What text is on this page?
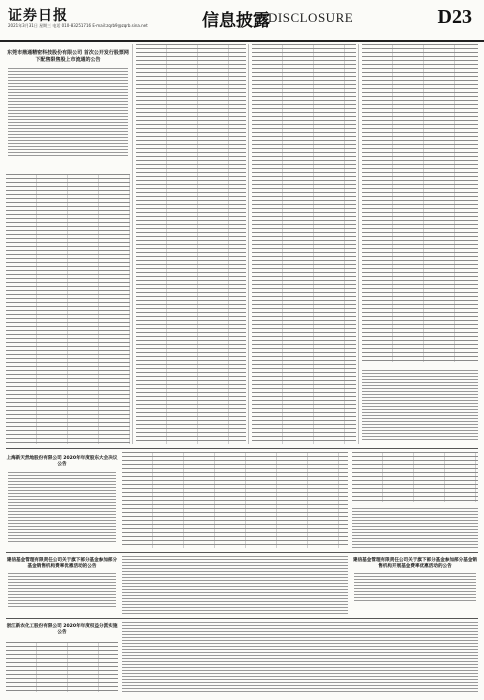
证券日报
2021年3月31日 星期三 电话 010-83251716 E-mail:zqrb9@zqrb.sina.net	信息披露
DISCLOSURE	D23
东莞市鼎通精密科技股份有限公司 首次公开发行股票网下配售限售股上市流通的公告
上海新天然地股份有限公司 2020年年度股东大会决议公告
建信基金管理有限责任公司关于旗下部分基金参加部分基金销售机构费率优惠活动的公告
建信基金管理有限责任公司关于旗下部分基金参加部分基金销售机构开展基金费率优惠活动的公告
浙江新农化工股份有限公司 2020年年度权益分派实施公告
